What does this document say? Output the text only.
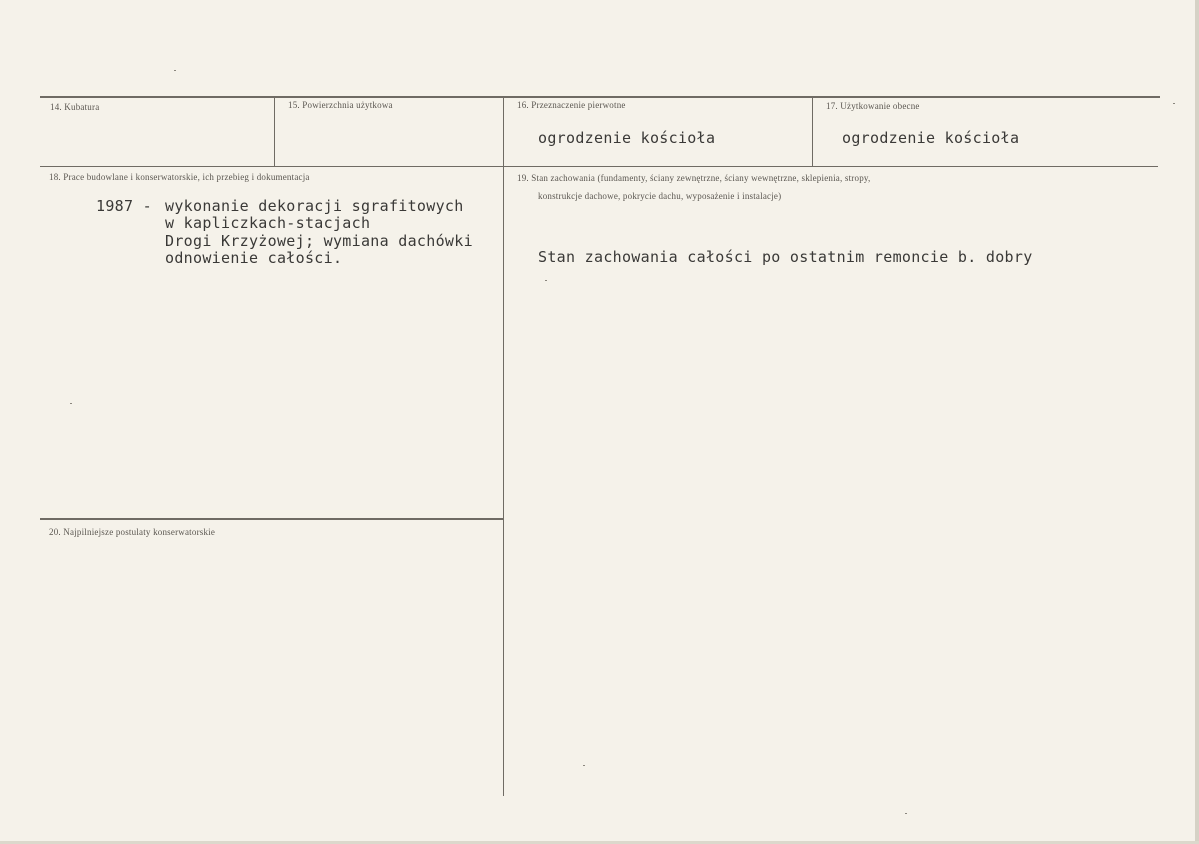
14. Kubatura	15. Powierzchnia użytkowa	16. Przeznaczenie pierwotne
ogrodzenie kościoła
17. Użytkowanie obecne
ogrodzenie kościoła
18. Prace budowlane i konserwatorskie, ich przebieg i dokumentacja
1987 - wykonanie dekoracji sgrafitowych
w kapliczkach-stacjach
Drogi Krzyżowej; wymiana dachówki
odnowienie całości.
19. Stan zachowania (fundamenty, ściany zewnętrzne, ściany wewnętrzne, sklepienia, stropy,
konstrukcje dachowe, pokrycie dachu, wyposażenie i instalacje)
Stan zachowania całości po ostatnim remoncie b. dobry
20. Najpilniejsze postulaty konserwatorskie
